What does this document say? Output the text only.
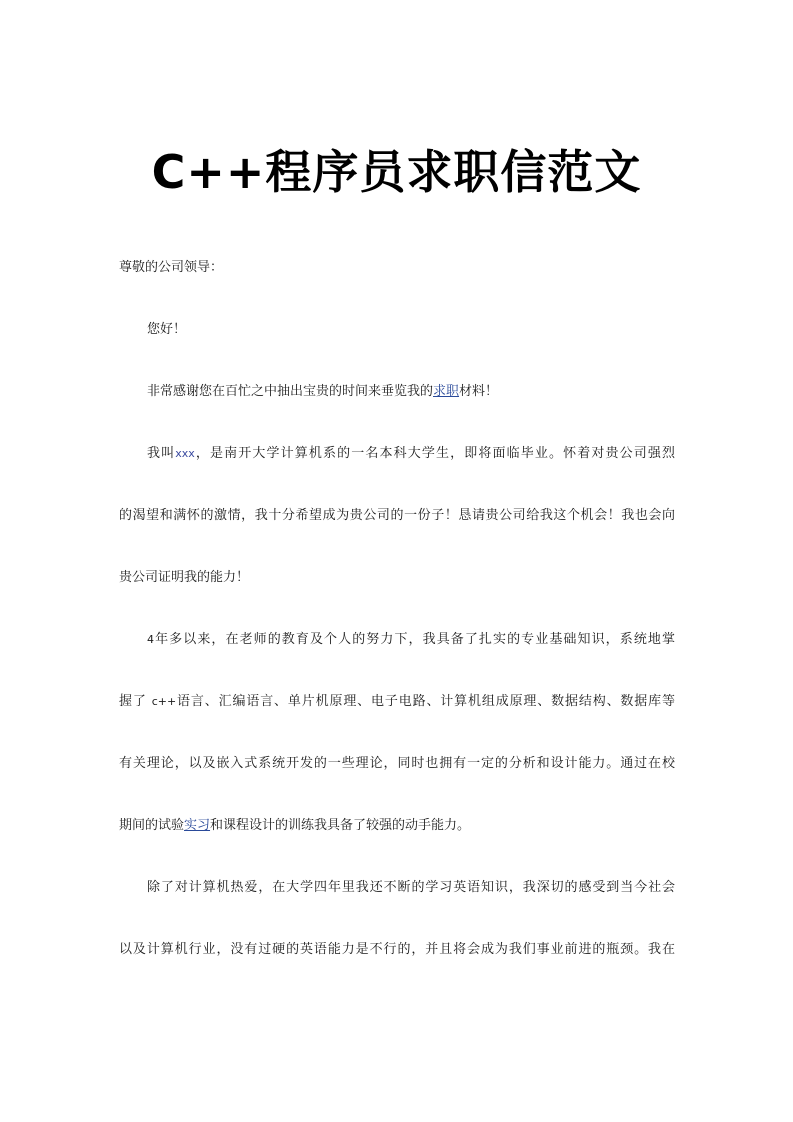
C++程序员求职信范文
尊敬的公司领导：
您好！
非常感谢您在百忙之中抽出宝贵的时间来垂览我的求职材料！
我叫xxx，是南开大学计算机系的一名本科大学生，即将面临毕业。怀着对贵公司强烈
的渴望和满怀的激情，我十分希望成为贵公司的一份子！恳请贵公司给我这个机会！我也会向
贵公司证明我的能力！
4年多以来，在老师的教育及个人的努力下，我具备了扎实的专业基础知识，系统地掌
握了 c++语言、汇编语言、单片机原理、电子电路、计算机组成原理、数据结构、数据库等
有关理论，以及嵌入式系统开发的一些理论，同时也拥有一定的分析和设计能力。通过在校
期间的试验实习和课程设计的训练我具备了较强的动手能力。
除了对计算机热爱，在大学四年里我还不断的学习英语知识，我深切的感受到当今社会
以及计算机行业，没有过硬的英语能力是不行的，并且将会成为我们事业前进的瓶颈。我在
